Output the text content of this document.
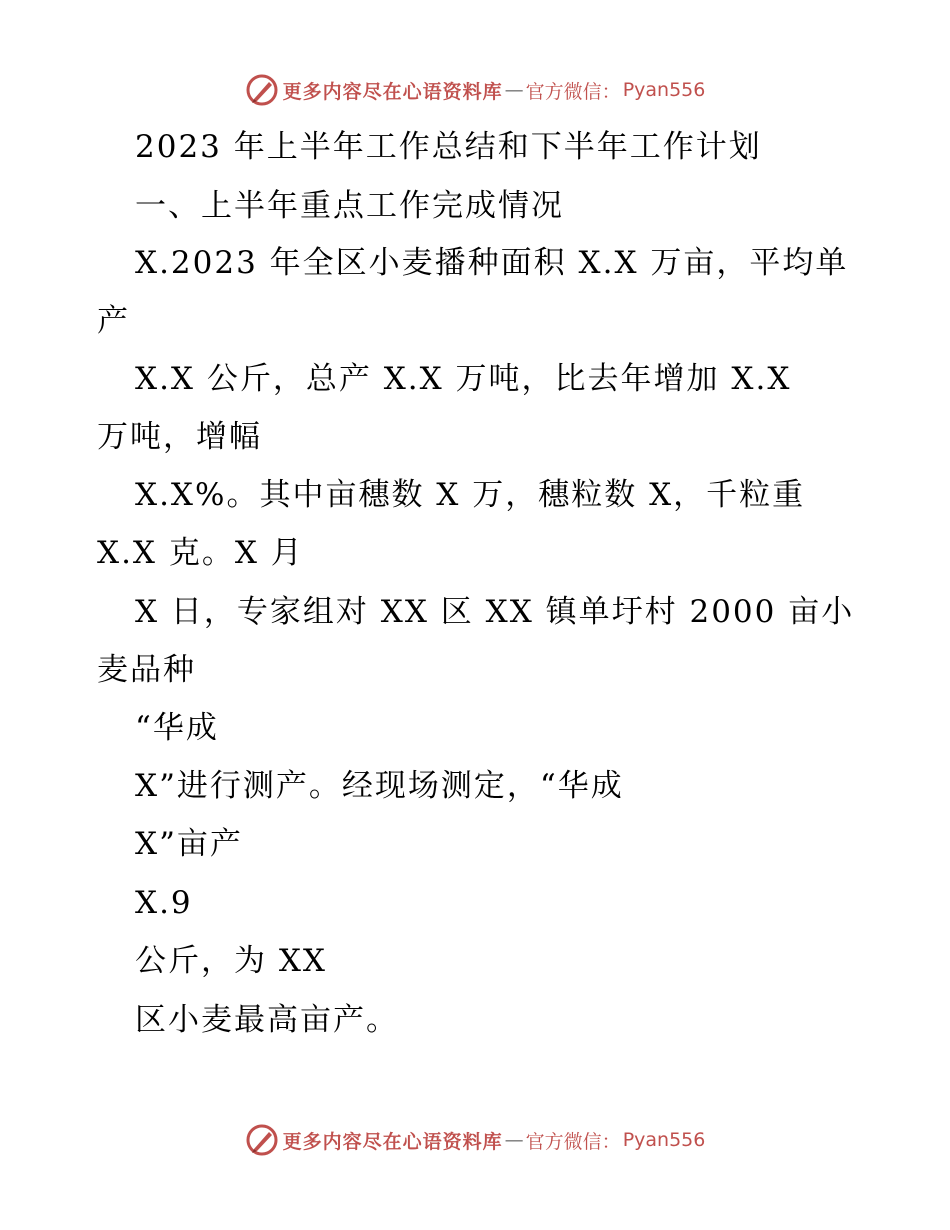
更多内容尽在心语资料库 — 官方微信： Pyan556
2023 年上半年工作总结和下半年工作计划
一、上半年重点工作完成情况
X.2023 年全区小麦播种面积 X.X 万亩，平均单
产
X.X 公斤，总产 X.X 万吨，比去年增加 X.X
万吨，增幅
X.X%。其中亩穗数 X 万，穗粒数 X，千粒重
X.X 克。X 月
X 日，专家组对 XX 区 XX 镇单圩村 2000 亩小
麦品种
“华成
X”进行测产。经现场测定，“华成
X”亩产
X.9
公斤，为 XX
区小麦最高亩产。
更多内容尽在心语资料库 — 官方微信： Pyan556
